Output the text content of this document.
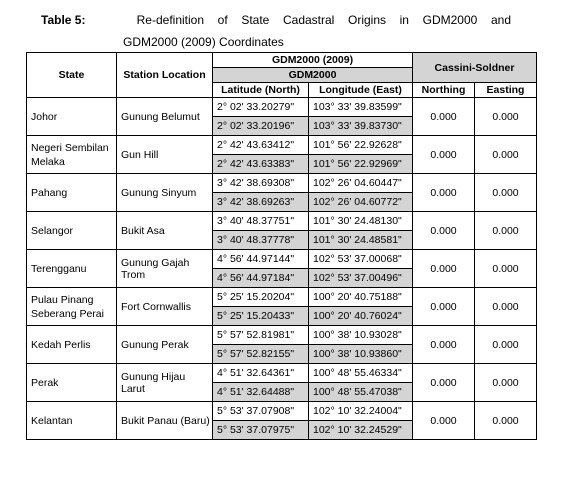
Table 5:	Re-definition of State Cadastral Origins in GDM2000 and
GDM2000 (2009) Coordinates
State	Station Location	GDM2000 (2009)		Cassini-Soldner	
		GDM2000			
		Latitude (North)	Longitude (East)	Northing	Easting
Johor	Gunung Belumut	2° 02' 33.20279"	103° 33' 39.83599"	0.000	0.000
		2° 02' 33.20196"	103° 33' 39.83730"		
Negeri Sembilan Melaka	Gun Hill	2° 42' 43.63412"	101° 56' 22.92628"	0.000	0.000
		2° 42' 43.63383"	101° 56' 22.92969"		
Pahang	Gunung Sinyum	3° 42' 38.69308"	102° 26' 04.60447"	0.000	0.000
		3° 42' 38.69263"	102° 26' 04.60772"		
Selangor	Bukit Asa	3° 40' 48.37751"	101° 30' 24.48130"	0.000	0.000
		3° 40' 48.37778"	101° 30' 24.48581"		
Terengganu	Gunung Gajah Trom	4° 56' 44.97144"	102° 53' 37.00068"	0.000	0.000
		4° 56' 44.97184"	102° 53' 37.00496"		
Pulau Pinang Seberang Perai	Fort Cornwallis	5° 25' 15.20204"	100° 20' 40.75188"	0.000	0.000
		5° 25' 15.20433"	100° 20' 40.76024"		
Kedah Perlis	Gunung Perak	5° 57' 52.81981"	100° 38' 10.93028"	0.000	0.000
		5° 57' 52.82155"	100° 38' 10.93860"		
Perak	Gunung Hijau Larut	4° 51' 32.64361"	100° 48' 55.46334"	0.000	0.000
		4° 51' 32.64488"	100° 48' 55.47038"		
Kelantan	Bukit Panau (Baru)	5° 53' 37.07908"	102° 10' 32.24004"	0.000	0.000
		5° 53' 37.07975"	102° 10' 32.24529"		
